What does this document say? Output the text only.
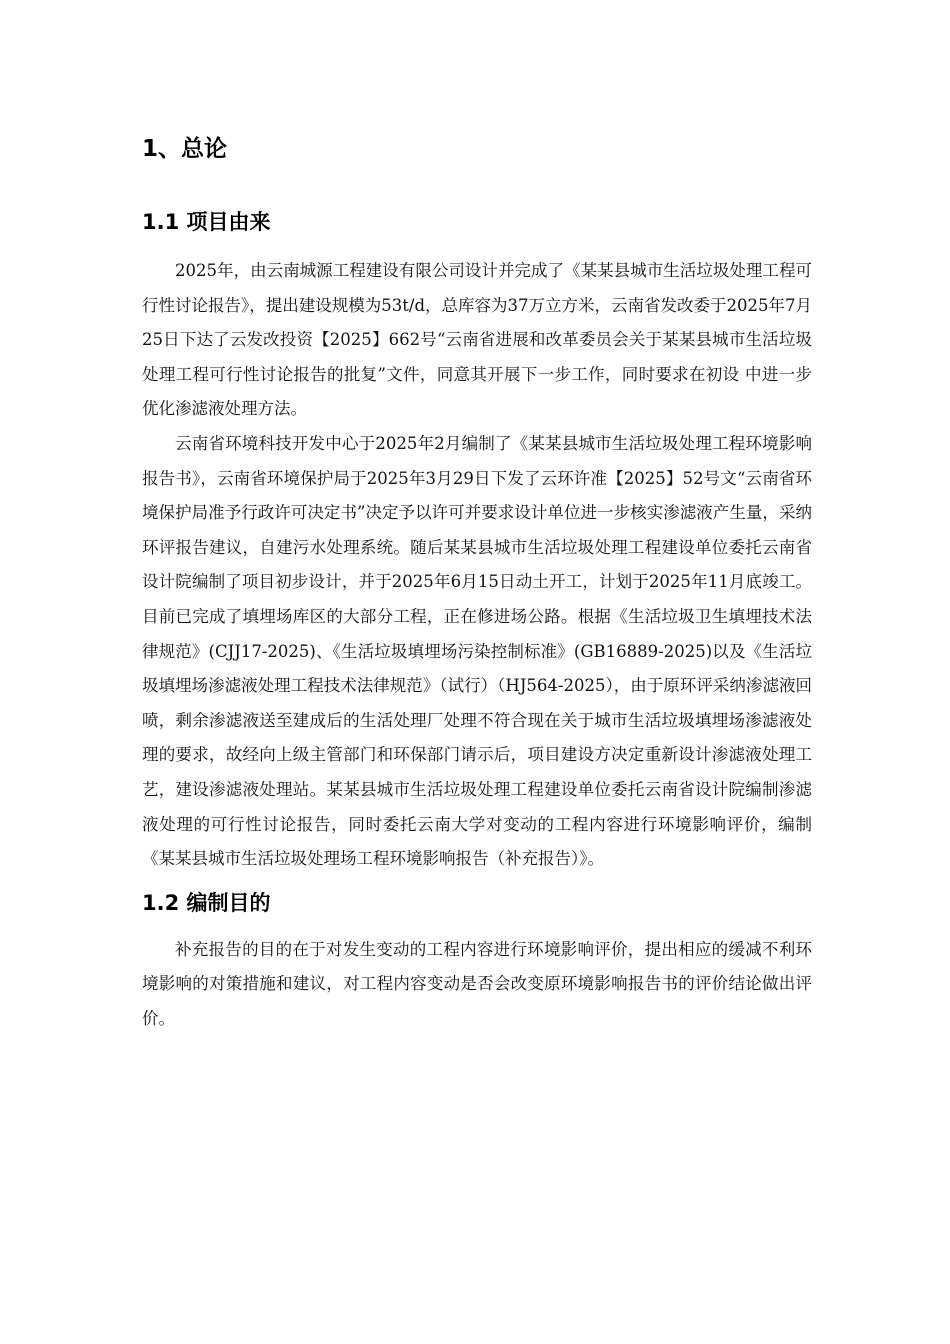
1、总论
1.1 项目由来

2025年，由云南城源工程建设有限公司设计并完成了《某某县城市生活垃圾处理工程可行性讨论报告》，提出建设规模为53t/d，总库容为37万立方米，云南省发改委于2025年7月25日下达了云发改投资【2025】662号“云南省进展和改革委员会关于某某县城市生活垃圾处理工程可行性讨论报告的批复”文件，同意其开展下一步工作，同时要求在初设 中进一步优化渗滤液处理方法。

云南省环境科技开发中心于2025年2月编制了《某某县城市生活垃圾处理工程环境影响报告书》，云南省环境保护局于2025年3月29日下发了云环许准【2025】52号文“云南省环境保护局准予行政许可决定书”决定予以许可并要求设计单位进一步核实渗滤液产生量，采纳环评报告建议，自建污水处理系统。随后某某县城市生活垃圾处理工程建设单位委托云南省设计院编制了项目初步设计，并于2025年6月15日动土开工，计划于2025年11月底竣工。目前已完成了填埋场库区的大部分工程，正在修进场公路。根据《生活垃圾卫生填埋技术法律规范》(CJJ17-2025)、《生活垃圾填埋场污染控制标准》(GB16889-2025)以及《生活垃圾填埋场渗滤液处理工程技术法律规范》（试行）（HJ564-2025），由于原环评采纳渗滤液回喷，剩余渗滤液送至建成后的生活处理厂处理不符合现在关于城市生活垃圾填埋场渗滤液处理的要求，故经向上级主管部门和环保部门请示后，项目建设方决定重新设计渗滤液处理工艺，建设渗滤液处理站。某某县城市生活垃圾处理工程建设单位委托云南省设计院编制渗滤液处理的可行性讨论报告，同时委托云南大学对变动的工程内容进行环境影响评价，编制《某某县城市生活垃圾处理场工程环境影响报告（补充报告）》。

1.2 编制目的

补充报告的目的在于对发生变动的工程内容进行环境影响评价，提出相应的缓减不利环境影响的对策措施和建议，对工程内容变动是否会改变原环境影响报告书的评价结论做出评价。
